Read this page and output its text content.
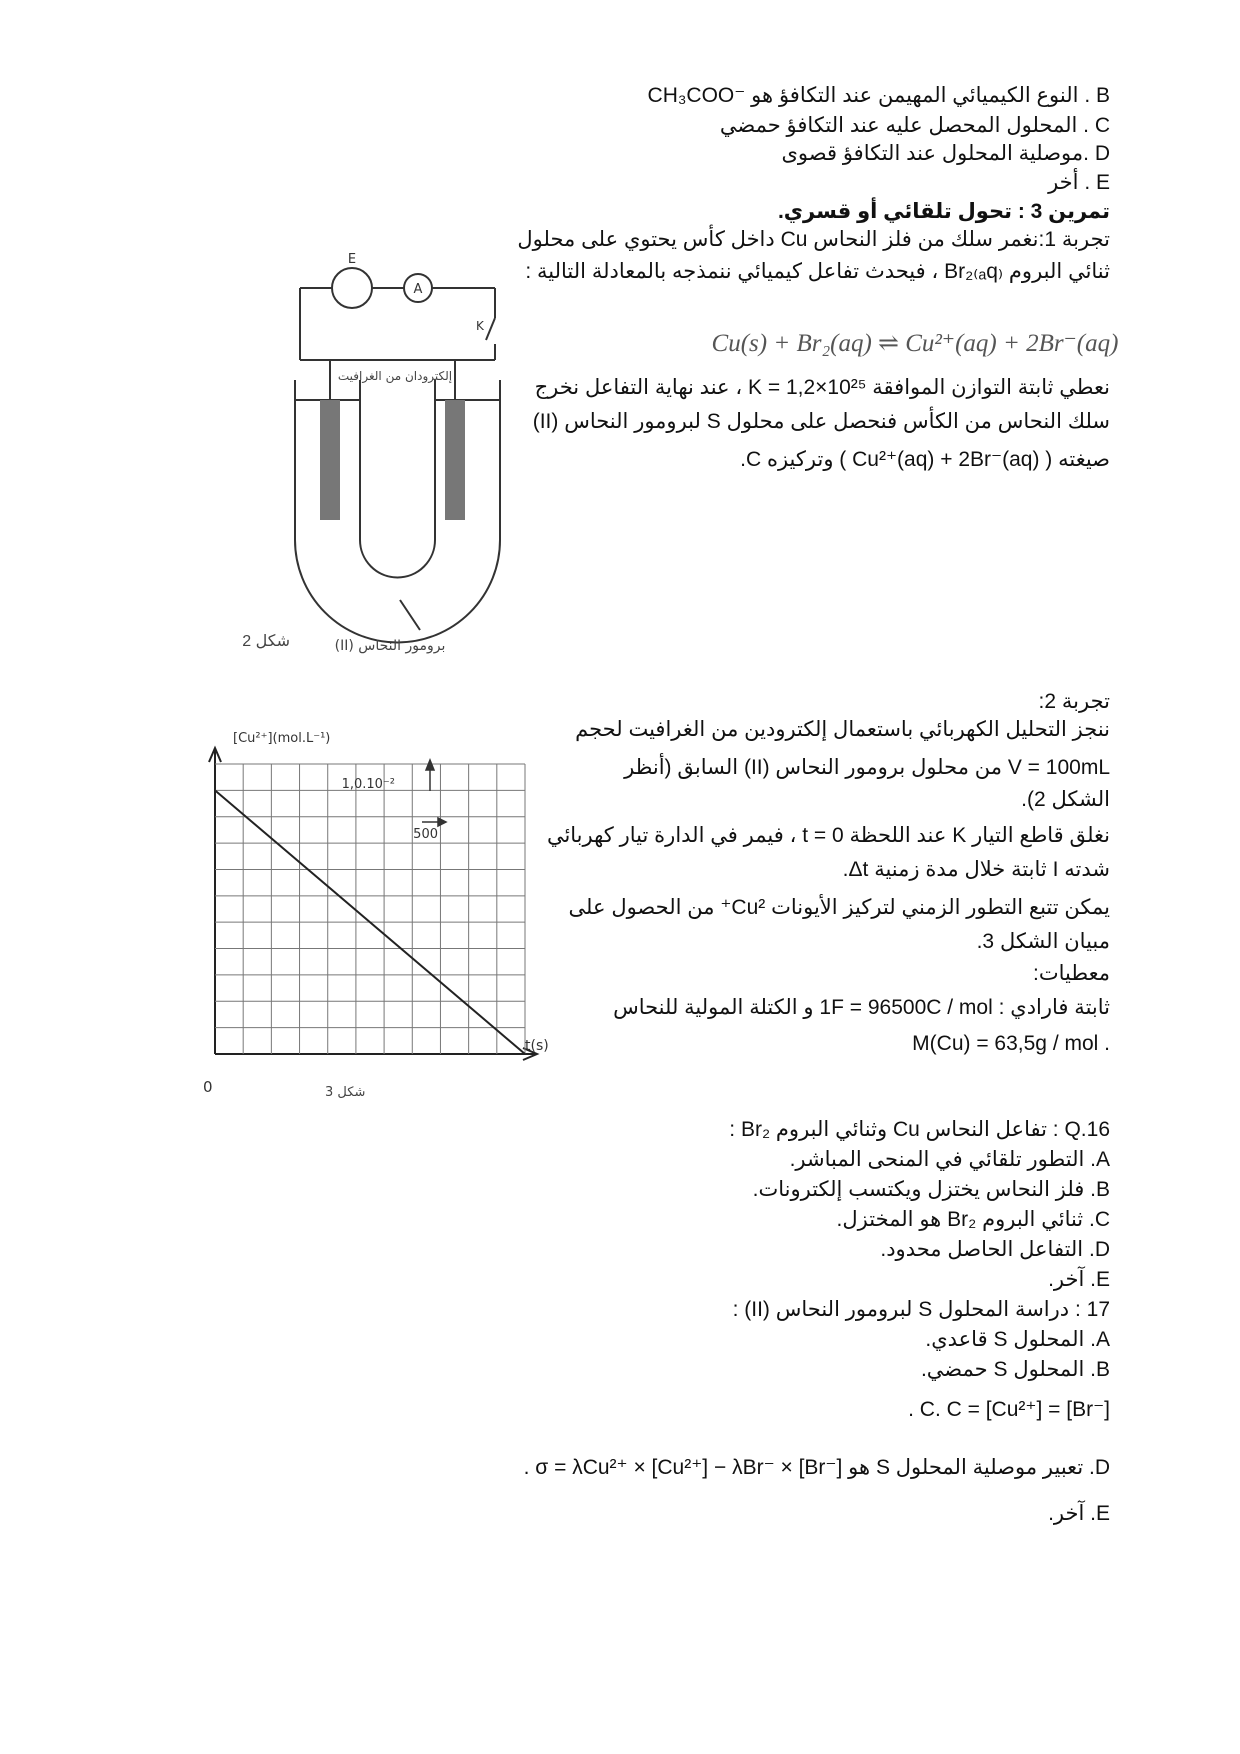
B . النوع الكيميائي المهيمن عند التكافؤ هو ⁻CH₃COO
C . المحلول المحصل عليه عند التكافؤ حمضي
D .موصلية المحلول عند التكافؤ قصوى
E . أخر
تمرين 3 : تحول تلقائي أو قسري.
تجربة 1:نغمر سلك من فلز النحاس Cu داخل كأس يحتوي على محلول
ثنائي البروم Br₂₍ₐq₎ ، فيحدث تفاعل كيميائي ننمذجه بالمعادلة التالية :
Cu(s) + Br₂(aq) ⇌ Cu²⁺(aq) + 2Br⁻(aq)
نعطي ثابتة التوازن الموافقة K = 1,2×10²⁵ ، عند نهاية التفاعل نخرج
سلك النحاس من الكأس فنحصل على محلول S لبرومور النحاس (II)
صيغته ( Cu²⁺(aq) + 2Br⁻(aq) ) وتركيزه C.
E
A
K
إلكترودان من الغرافيت
برومور النحاس (II)
شكل 2
تجربة 2:
ننجز التحليل الكهربائي باستعمال إلكترودين من الغرافيت لحجم
V = 100mL من محلول برومور النحاس (II) السابق (أنظر
الشكل 2).
نغلق قاطع التيار K عند اللحظة t = 0 ، فيمر في الدارة تيار كهربائي
شدته I ثابتة خلال مدة زمنية Δt.
يمكن تتبع التطور الزمني لتركيز الأيونات Cu²⁺ من الحصول على
مبيان الشكل 3.
معطيات:
ثابتة فارادي : 1F = 96500C / mol و الكتلة المولية للنحاس
. M(Cu) = 63,5g / mol
1,0.10⁻²
500
[Cu²⁺](mol.L⁻¹)
t(s)
0	شكل 3
Q.16 : تفاعل النحاس Cu وثنائي البروم Br₂ :
A. التطور تلقائي في المنحى المباشر.
B. فلز النحاس يختزل ويكتسب إلكترونات.
C. ثنائي البروم Br₂ هو المختزل.
D. التفاعل الحاصل محدود.
E. آخر.
17 : دراسة المحلول S لبرومور النحاس (II) :
A. المحلول S قاعدي.
B. المحلول S حمضي.
C. C = [Cu²⁺] = [Br⁻] .
D. تعبير موصلية المحلول S هو σ = λCu²⁺ × [Cu²⁺] − λBr⁻ × [Br⁻] .
E. آخر.
